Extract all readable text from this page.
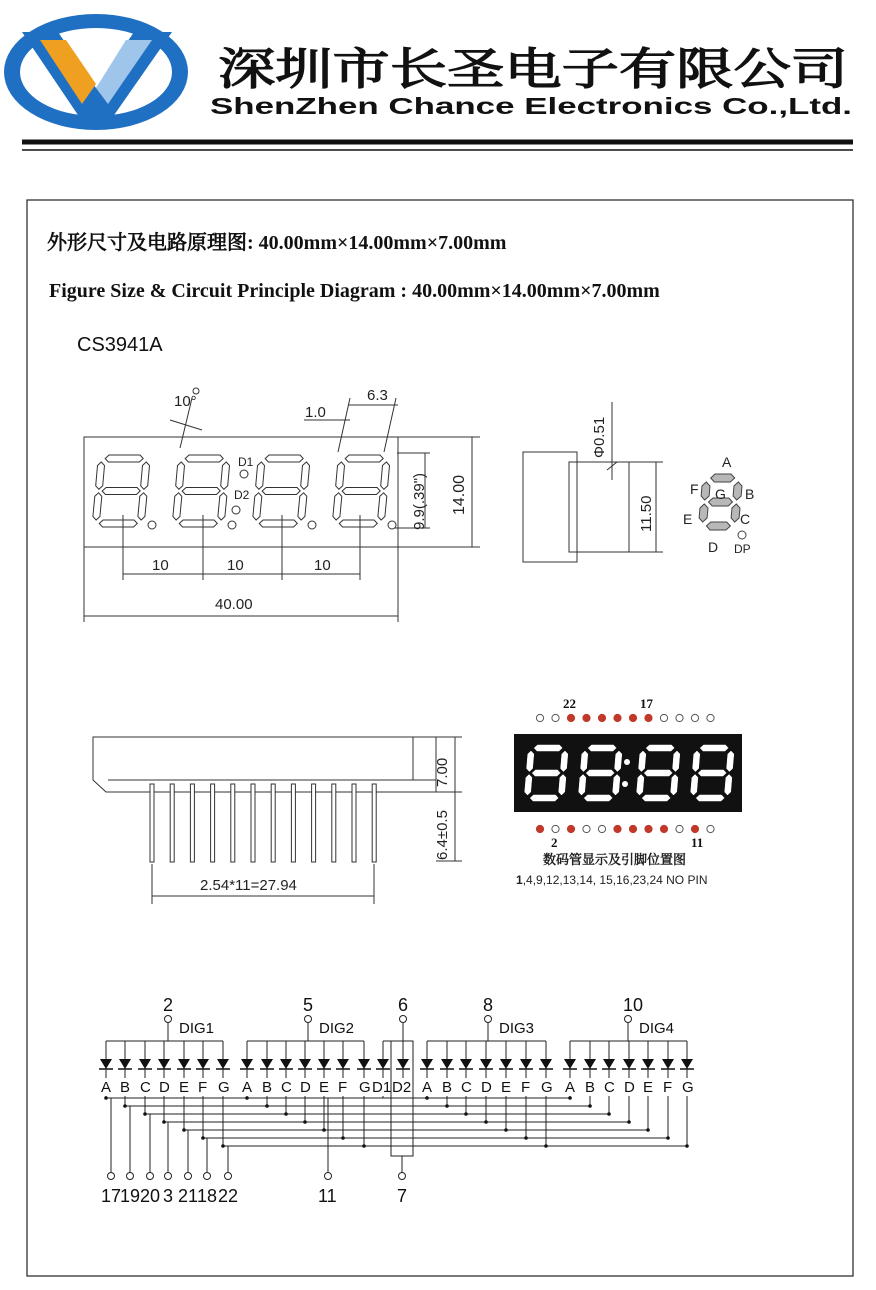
深圳市长圣电子有限公司
ShenZhen Chance Electronics Co.,Ltd.
外形尺寸及电路原理图: 40.00mm×14.00mm×7.00mm
Figure Size & Circuit Principle Diagram : 40.00mm×14.00mm×7.00mm
CS3941A
10°
1.0
6.3
D1
D2
10	10	10
40.00
9.9(.39") 14.00
Φ0.51
11.50
A
B
C
D
E
F G
DP
7.00
6.4±0.5
2.54*11=27.94
22	17
2	11
数码管显示及引脚位置图
1,4,9,12,13,14, 15,16,23,24 NO PIN
2
DIG1
A B C D E F G
5
DIG2
A B C D E F G
6
D1 D2
8
DIG3
A B C D E F G
10
DIG4
A B C D E F G
17
19 20 3 21
18 22	11	7
